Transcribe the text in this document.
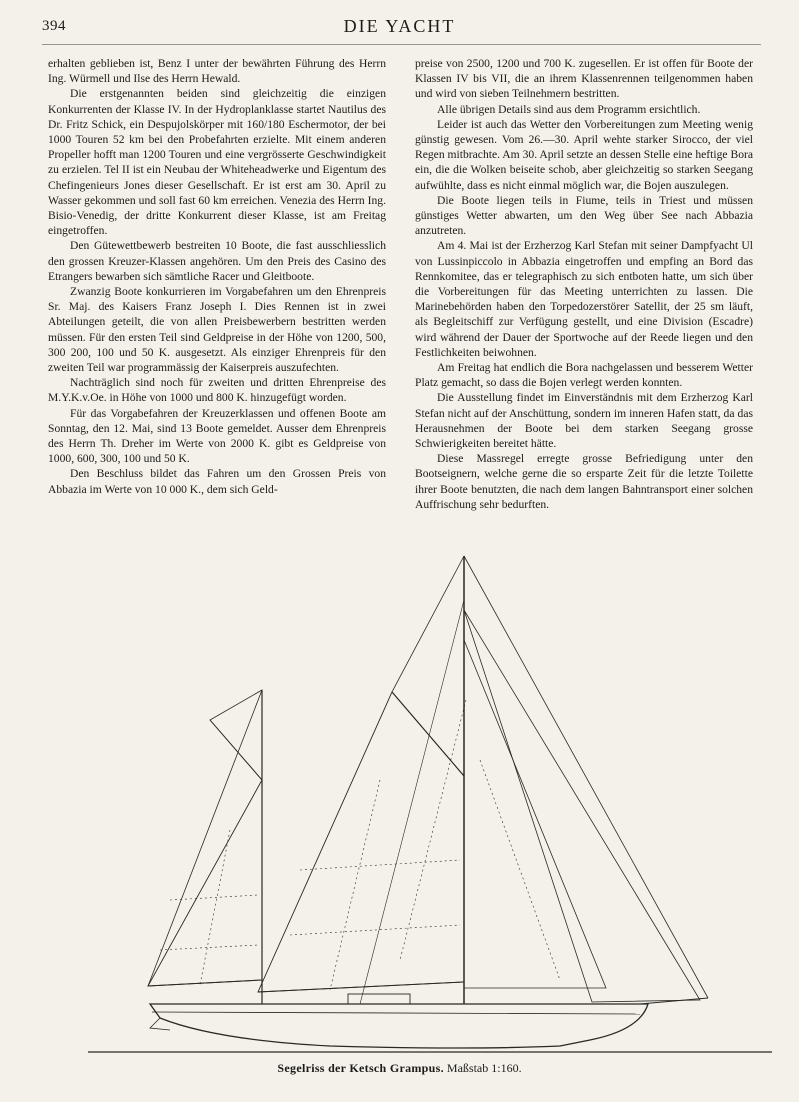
394	DIE YACHT

erhalten geblieben ist, Benz I unter der bewährten Führung des Herrn Ing. Würmell und Ilse des Herrn Hewald.

Die erstgenannten beiden sind gleichzeitig die einzigen Konkurrenten der Klasse IV. In der Hydroplanklasse startet Nautilus des Dr. Fritz Schick, ein Despujolskörper mit 160/180 Eschermotor, der bei 1000 Touren 52 km bei den Probefahrten erzielte. Mit einem anderen Propeller hofft man 1200 Touren und eine vergrösserte Geschwindigkeit zu erzielen. Tel II ist ein Neubau der Whiteheadwerke und Eigentum des Chefingenieurs Jones dieser Gesellschaft. Er ist erst am 30. April zu Wasser gekommen und soll fast 60 km erreichen. Venezia des Herrn Ing. Bisio-Venedig, der dritte Konkurrent dieser Klasse, ist am Freitag eingetroffen.

Den Gütewettbewerb bestreiten 10 Boote, die fast ausschliesslich den grossen Kreuzer-Klassen angehören. Um den Preis des Casino des Etrangers bewarben sich sämtliche Racer und Gleitboote.

Zwanzig Boote konkurrieren im Vorgabefahren um den Ehrenpreis Sr. Maj. des Kaisers Franz Joseph I. Dies Rennen ist in zwei Abteilungen geteilt, die von allen Preisbewerbern bestritten werden müssen. Für den ersten Teil sind Geldpreise in der Höhe von 1200, 500, 300 200, 100 und 50 K. ausgesetzt. Als einziger Ehrenpreis für den zweiten Teil war programmässig der Kaiserpreis auszufechten.

Nachträglich sind noch für zweiten und dritten Ehrenpreise des M.Y.K.v.Oe. in Höhe von 1000 und 800 K. hinzugefügt worden.

Für das Vorgabefahren der Kreuzerklassen und offenen Boote am Sonntag, den 12. Mai, sind 13 Boote gemeldet. Ausser dem Ehrenpreis des Herrn Th. Dreher im Werte von 2000 K. gibt es Geldpreise von 1000, 600, 300, 100 und 50 K.

Den Beschluss bildet das Fahren um den Grossen Preis von Abbazia im Werte von 10 000 K., dem sich Geld-

preise von 2500, 1200 und 700 K. zugesellen. Er ist offen für Boote der Klassen IV bis VII, die an ihrem Klassenrennen teilgenommen haben und wird von sieben Teilnehmern bestritten.

Alle übrigen Details sind aus dem Programm ersichtlich.

Leider ist auch das Wetter den Vorbereitungen zum Meeting wenig günstig gewesen. Vom 26.—30. April wehte starker Sirocco, der viel Regen mitbrachte. Am 30. April setzte an dessen Stelle eine heftige Bora ein, die die Wolken beiseite schob, aber gleichzeitig so starken Seegang aufwühlte, dass es nicht einmal möglich war, die Bojen auszulegen.

Die Boote liegen teils in Fiume, teils in Triest und müssen günstiges Wetter abwarten, um den Weg über See nach Abbazia anzutreten.

Am 4. Mai ist der Erzherzog Karl Stefan mit seiner Dampfyacht Ul von Lussinpiccolo in Abbazia eingetroffen und empfing an Bord das Rennkomitee, das er telegraphisch zu sich entboten hatte, um sich über die Vorbereitungen für das Meeting unterrichten zu lassen. Die Marinebehörden haben den Torpedozerstörer Satellit, der 25 sm läuft, als Begleitschiff zur Verfügung gestellt, und eine Division (Escadre) wird während der Dauer der Sportwoche auf der Reede liegen und den Festlichkeiten beiwohnen.

Am Freitag hat endlich die Bora nachgelassen und besserem Wetter Platz gemacht, so dass die Bojen verlegt werden konnten.

Die Ausstellung findet im Einverständnis mit dem Erzherzog Karl Stefan nicht auf der Anschüttung, sondern im inneren Hafen statt, da das Herausnehmen der Boote bei dem starken Seegang grosse Schwierigkeiten bereitet hätte.

Diese Massregel erregte grosse Befriedigung unter den Bootseignern, welche gerne die so ersparte Zeit für die letzte Toilette ihrer Boote benutzten, die nach dem langen Bahntransport einer solchen Auffrischung sehr bedurften.

Segelriss der Ketsch Grampus. Maßstab 1:160.
